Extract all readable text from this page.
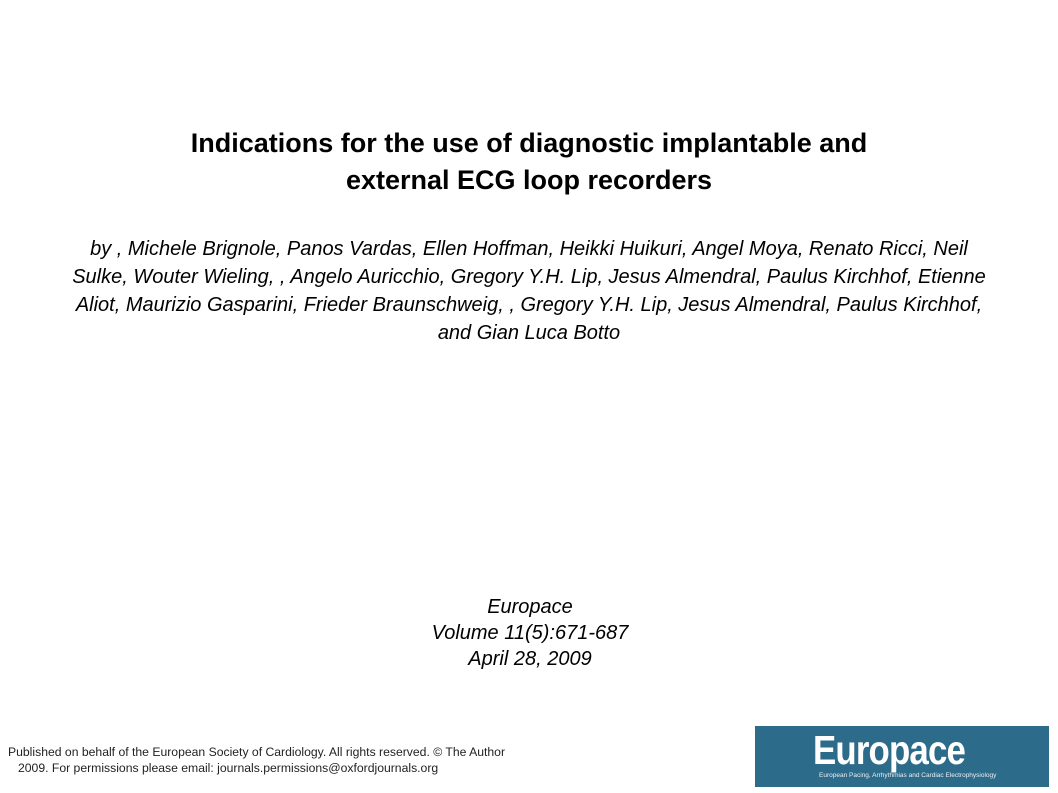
Indications for the use of diagnostic implantable and
external ECG loop recorders

by , Michele Brignole, Panos Vardas, Ellen Hoffman, Heikki Huikuri, Angel Moya, Renato Ricci, Neil Sulke, Wouter Wieling, , Angelo Auricchio, Gregory Y.H. Lip, Jesus Almendral, Paulus Kirchhof, Etienne Aliot, Maurizio Gasparini, Frieder Braunschweig, , Gregory Y.H. Lip, Jesus Almendral, Paulus Kirchhof, and Gian Luca Botto

Europace
Volume 11(5):671-687
April 28, 2009
Published on behalf of the European Society of Cardiology. All rights reserved. © The Author
2009. For permissions please email: journals.permissions@oxfordjournals.org	Europace
European Pacing, Arrhythmias and Cardiac Electrophysiology
